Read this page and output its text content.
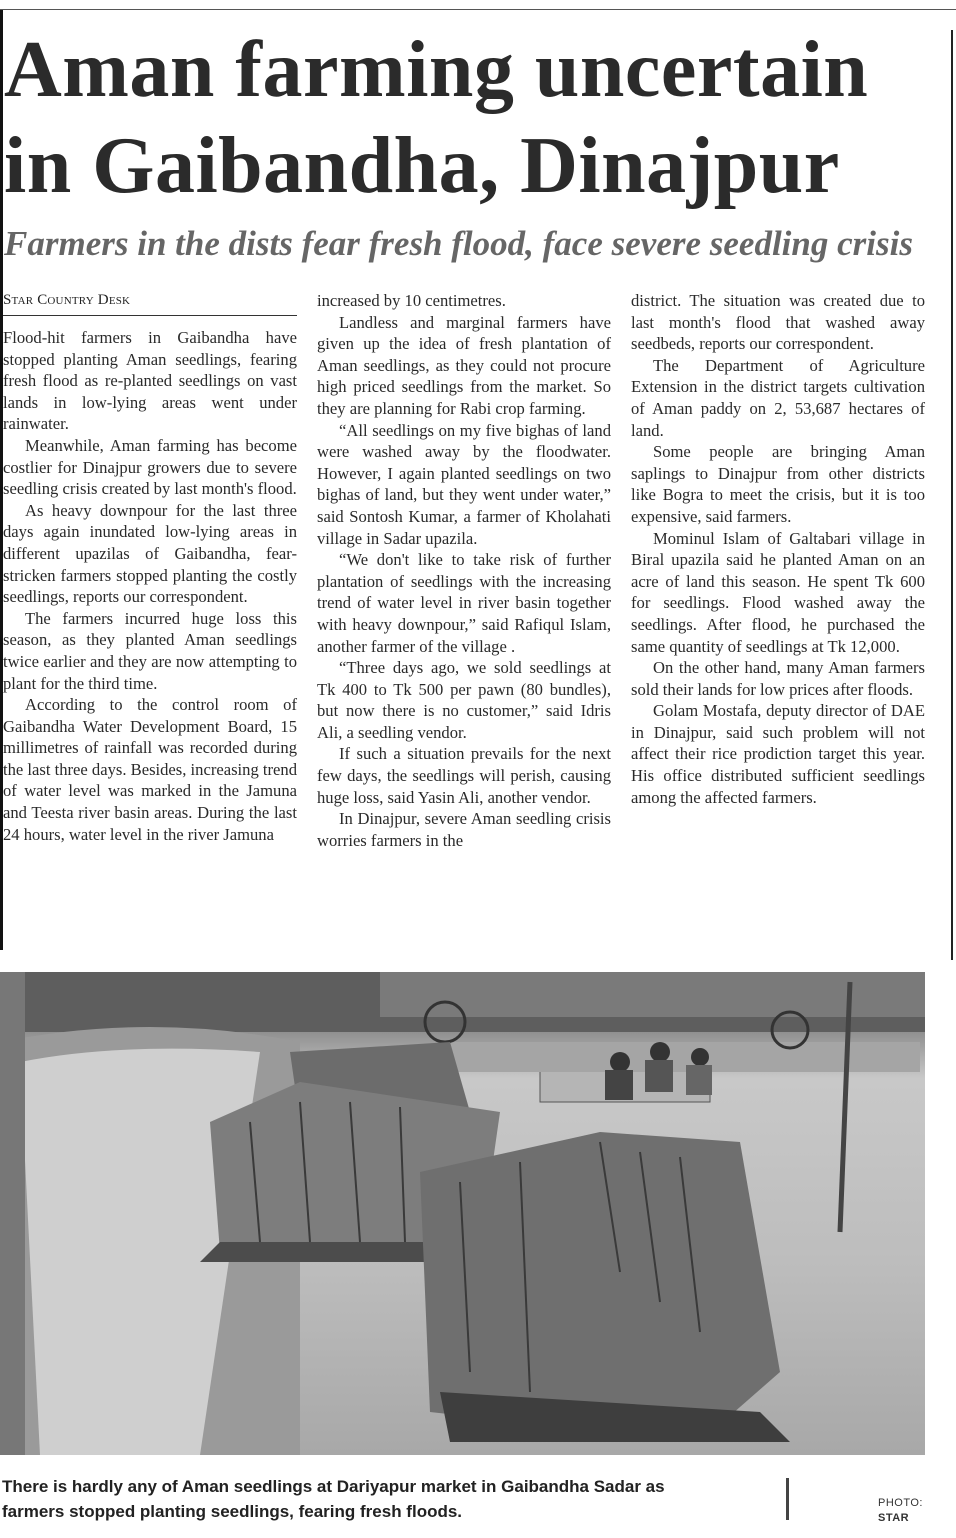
Aman farming uncertain in Gaibandha, Dinajpur
Farmers in the dists fear fresh flood, face severe seedling crisis
Star Country Desk

Flood-hit farmers in Gaibandha have stopped planting Aman seedlings, fearing fresh flood as re-planted seedlings on vast lands in low-lying areas went under rainwater.

Meanwhile, Aman farming has become costlier for Dinajpur growers due to severe seedling crisis created by last month's flood.

As heavy downpour for the last three days again inundated low-lying areas in different upazilas of Gaibandha, fear-stricken farmers stopped planting the costly seedlings, reports our correspondent.

The farmers incurred huge loss this season, as they planted Aman seedlings twice earlier and they are now attempting to plant for the third time.

According to the control room of Gaibandha Water Development Board, 15 millimetres of rainfall was recorded during the last three days. Besides, increasing trend of water level was marked in the Jamuna and Teesta river basin areas. During the last 24 hours, water level in the river Jamuna

increased by 10 centimetres.

Landless and marginal farmers have given up the idea of fresh plantation of Aman seedlings, as they could not procure high priced seedlings from the market. So they are planning for Rabi crop farming.

“All seedlings on my five bighas of land were washed away by the floodwater. However, I again planted seedlings on two bighas of land, but they went under water,” said Sontosh Kumar, a farmer of Kholahati village in Sadar upazila.

“We don't like to take risk of further plantation of seedlings with the increasing trend of water level in river basin together with heavy downpour,” said Rafiqul Islam, another farmer of the village .

“Three days ago, we sold seedlings at Tk 400 to Tk 500 per pawn (80 bundles), but now there is no customer,” said Idris Ali, a seedling vendor.

If such a situation prevails for the next few days, the seedlings will perish, causing huge loss, said Yasin Ali, another vendor.

In Dinajpur, severe Aman seedling crisis worries farmers in the

district. The situation was created due to last month's flood that washed away seedbeds, reports our correspondent.

The Department of Agriculture Extension in the district targets cultivation of Aman paddy on 2, 53,687 hectares of land.

Some people are bringing Aman saplings to Dinajpur from other districts like Bogra to meet the crisis, but it is too expensive, said farmers.

Mominul Islam of Galtabari village in Biral upazila said he planted Aman on an acre of land this season. He spent Tk 600 for seedlings. Flood washed away the seedlings. After flood, he purchased the same quantity of seedlings at Tk 12,000.

On the other hand, many Aman farmers sold their lands for low prices after floods.

Golam Mostafa, deputy director of DAE in Dinajpur, said such problem will not affect their rice prodiction target this year. His office distributed sufficient seedlings among the affected farmers.

There is hardly any of Aman seedlings at Dariyapur market in Gaibandha Sadar as farmers stopped planting seedlings, fearing fresh floods.	PHOTO:
STAR
